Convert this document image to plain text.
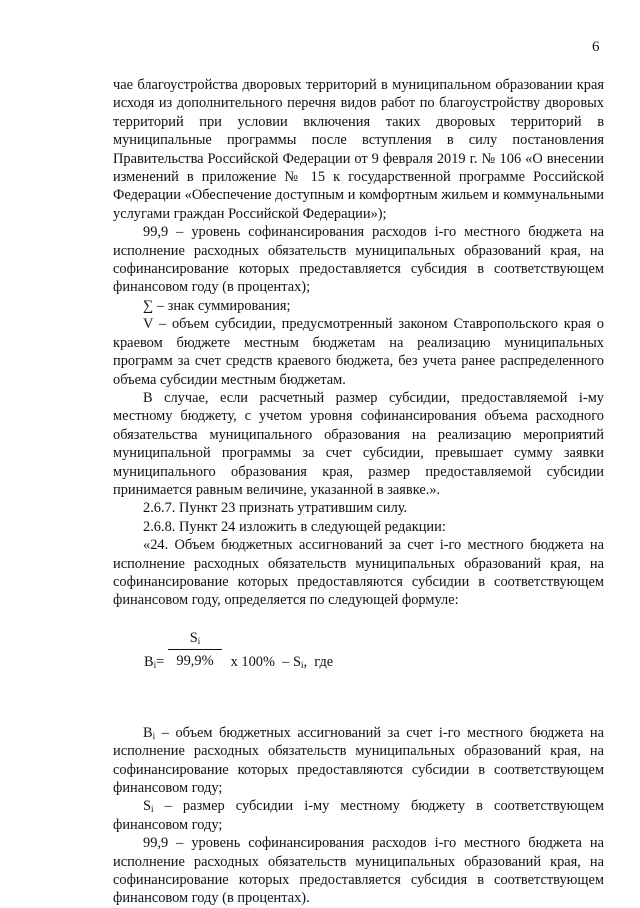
6

чае благоустройства дворовых территорий в муниципальном образовании края исходя из дополнительного перечня видов работ по благоустройству дворовых территорий при условии включения таких дворовых территорий в муниципальные программы после вступления в силу постановления Правительства Российской Федерации от 9 февраля 2019 г. № 106 «О внесении изменений в приложение № 15 к государственной программе Российской Федерации «Обеспечение доступным и комфортным жильем и коммунальными услугами граждан Российской Федерации»);

99,9 – уровень софинансирования расходов i-го местного бюджета на исполнение расходных обязательств муниципальных образований края, на софинансирование которых предоставляется субсидия в соответствующем финансовом году (в процентах);

∑ – знак суммирования;

V – объем субсидии, предусмотренный законом Ставропольского края о краевом бюджете местным бюджетам на реализацию муниципальных программ за счет средств краевого бюджета, без учета ранее распределенного объема субсидии местным бюджетам.

В случае, если расчетный размер субсидии, предоставляемой i-му местному бюджету, с учетом уровня софинансирования объема расходного обязательства муниципального образования на реализацию мероприятий муниципальной программы за счет субсидии, превышает сумму заявки муниципального образования края, размер предоставляемой субсидии принимается равным величине, указанной в заявке.».

2.6.7. Пункт 23 признать утратившим силу.

2.6.8. Пункт 24 изложить в следующей редакции:

«24. Объем бюджетных ассигнований за счет i-го местного бюджета на исполнение расходных обязательств муниципальных образований края, на софинансирование которых предоставляются субсидии в соответствующем финансовом году, определяется по следующей формуле:

$B_i=$
$S_i$
99,9% x $100\% - S_i$,  где

$B_i$ – объем бюджетных ассигнований за счет i-го местного бюджета на исполнение расходных обязательств муниципальных образований края, на софинансирование которых предоставляются субсидии в соответствующем финансовом году;

$S_i$ – размер субсидии i-му местному бюджету в соответствующем финансовом году;

99,9 – уровень софинансирования расходов i-го местного бюджета на исполнение расходных обязательств муниципальных образований края, на софинансирование которых предоставляется субсидия в соответствующем финансовом году (в процентах).
